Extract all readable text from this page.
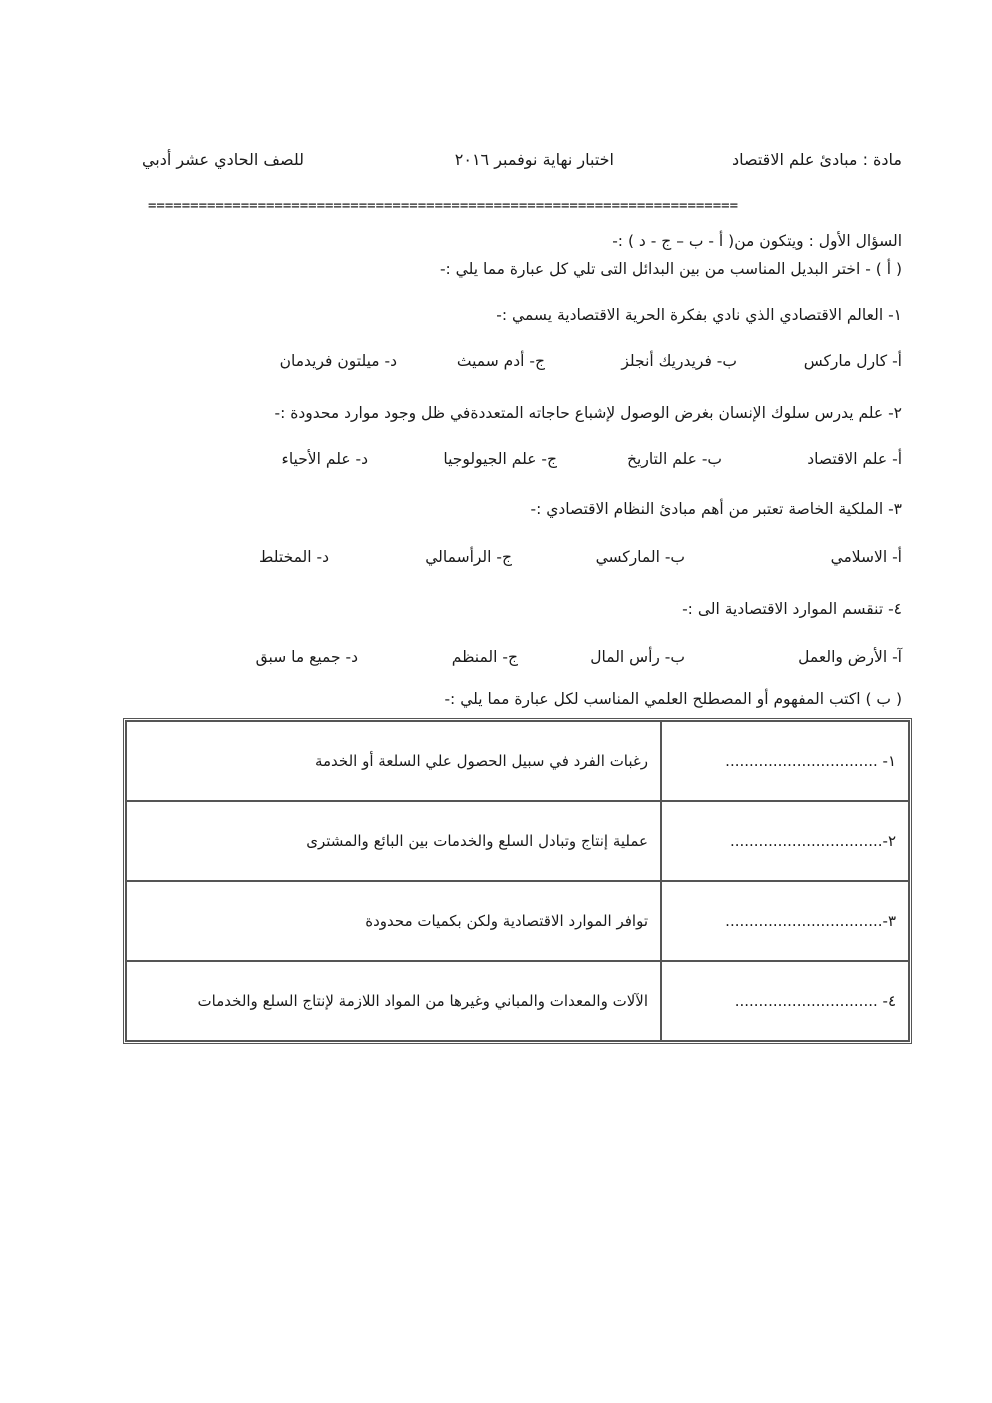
مادة : مبادئ علم الاقتصاد
اختبار نهاية نوفمبر ٢٠١٦
للصف الحادي عشر أدبي
======================================================================
السؤال الأول : ويتكون من( أ - ب – ج - د ) :-
( أ ) - اختر البديل المناسب من بين البدائل التى تلي كل عبارة مما يلي :-
١- العالم الاقتصادي الذي نادي بفكرة الحرية الاقتصادية يسمي :-
أ- كارل ماركس
ب- فريدريك أنجلز
ج- أدم سميث
د- ميلتون فريدمان
٢- علم يدرس سلوك الإنسان بغرض الوصول لإشباع حاجاته المتعددةفي ظل وجود موارد محدودة :-
أ- علم الاقتصاد
ب- علم التاريخ
ج- علم الجيولوجيا
د- علم الأحياء
٣- الملكية الخاصة تعتبر من أهم مبادئ النظام الاقتصادي :-
أ- الاسلامي
ب- الماركسي
ج- الرأسمالي
د- المختلط
٤- تنقسم الموارد الاقتصادية الى :-
آ- الأرض والعمل
ب- رأس المال
ج- المنظم
د- جميع ما سبق
( ب ) اكتب المفهوم أو المصطلح العلمي المناسب لكل عبارة مما يلي :-
١- ................................	رغبات الفرد في سبيل الحصول علي السلعة أو الخدمة
٢-................................	عملية إنتاج وتبادل السلع والخدمات بين البائع والمشترى
٣-.................................	توافر الموارد الاقتصادية ولكن بكميات محدودة
٤- ..............................	الآلات والمعدات والمباني وغيرها من المواد اللازمة لإنتاج السلع والخدمات
